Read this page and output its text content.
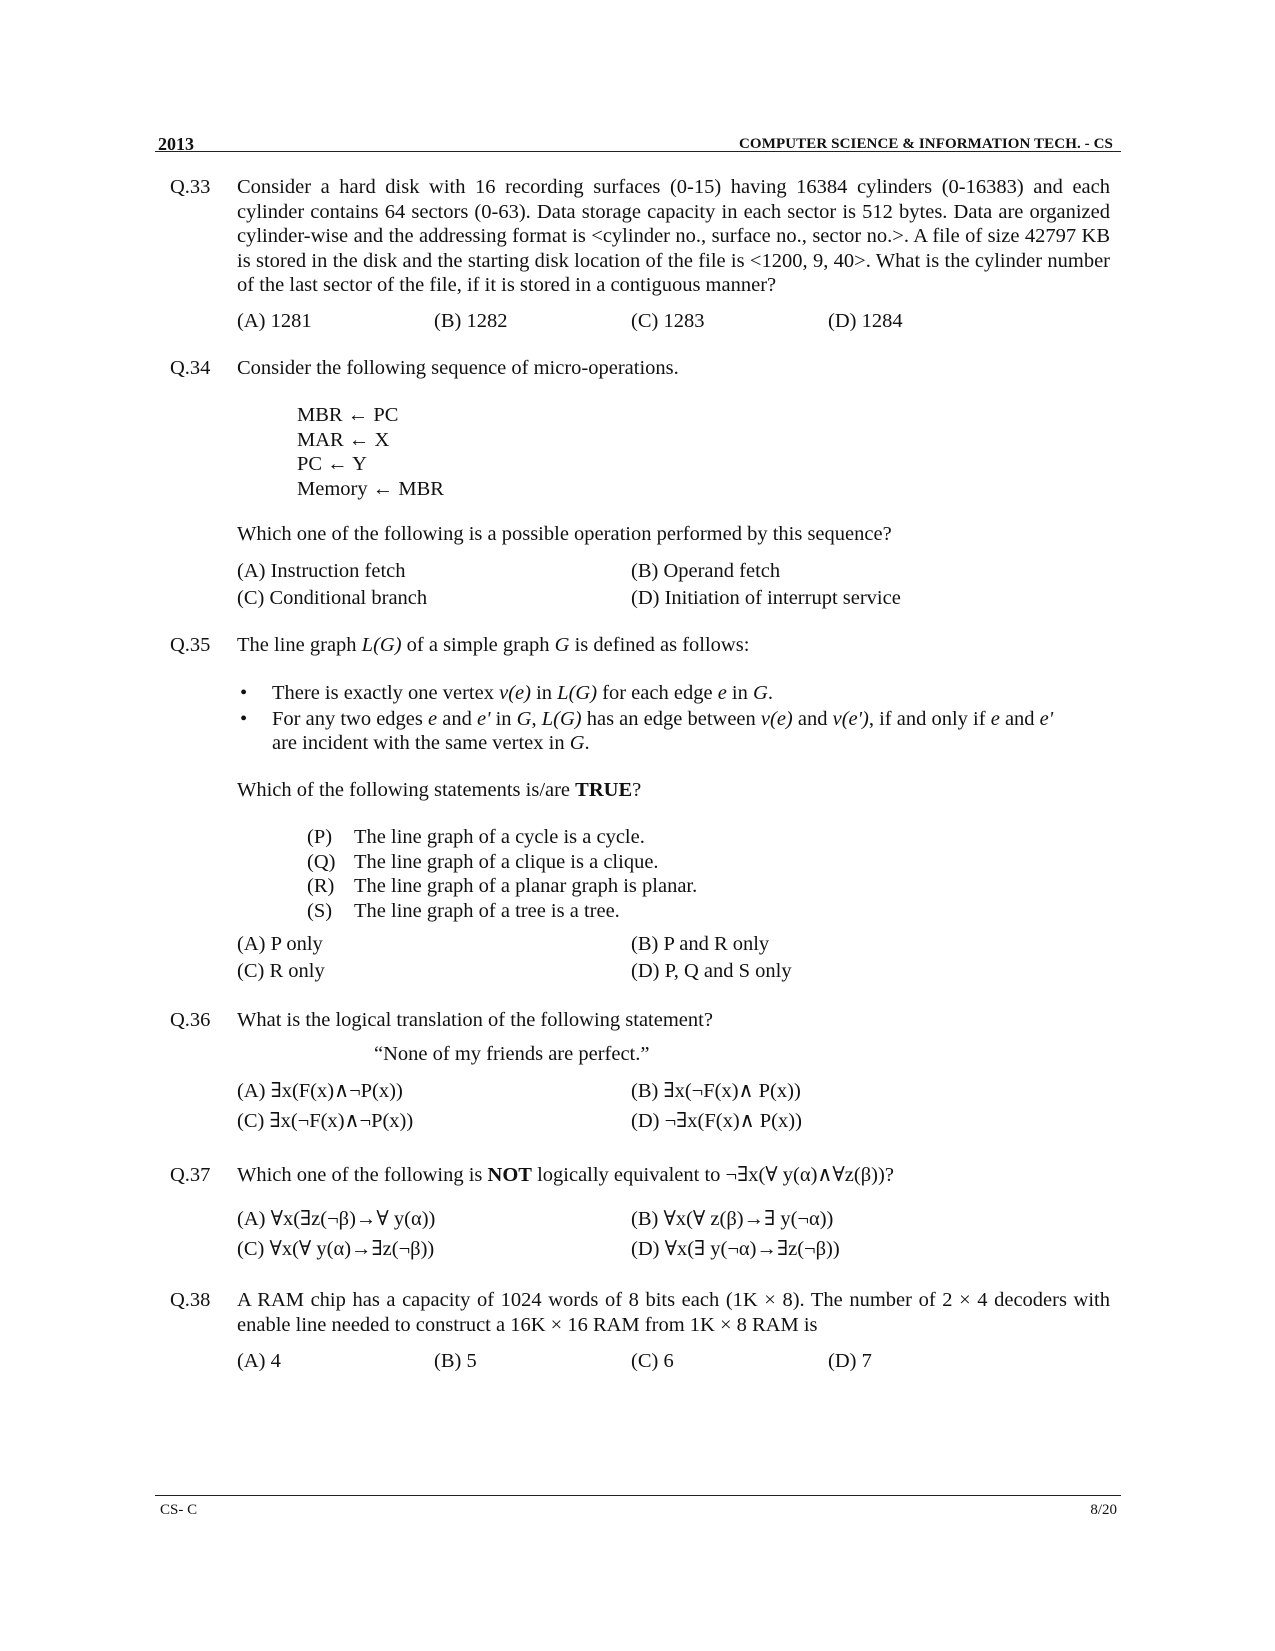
2013	COMPUTER SCIENCE & INFORMATION TECH. - CS
Q.33 Consider a hard disk with 16 recording surfaces (0-15) having 16384 cylinders (0-16383) and each cylinder contains 64 sectors (0-63). Data storage capacity in each sector is 512 bytes. Data are organized cylinder-wise and the addressing format is <cylinder no., surface no., sector no.>. A file of size 42797 KB is stored in the disk and the starting disk location of the file is <1200, 9, 40>. What is the cylinder number of the last sector of the file, if it is stored in a contiguous manner?
(A) 1281	(B) 1282	(C) 1283	(D) 1284
Q.34 Consider the following sequence of micro-operations.
MBR ← PC
MAR ← X
PC ← Y
Memory ← MBR
Which one of the following is a possible operation performed by this sequence?
(A) Instruction fetch	(B) Operand fetch
(C) Conditional branch	(D) Initiation of interrupt service
Q.35 The line graph L(G) of a simple graph G is defined as follows:
• There is exactly one vertex v(e) in L(G) for each edge e in G.
• For any two edges e and e' in G, L(G) has an edge between v(e) and v(e'), if and only if e and e'
are incident with the same vertex in G.
Which of the following statements is/are TRUE?
(P) The line graph of a cycle is a cycle.
(Q) The line graph of a clique is a clique.
(R) The line graph of a planar graph is planar.
(S) The line graph of a tree is a tree.
(A) P only	(B) P and R only
(C) R only	(D) P, Q and S only
Q.36 What is the logical translation of the following statement?
“None of my friends are perfect.”
(A) ∃x(F(x)∧¬P(x))	(B) ∃x(¬F(x)∧ P(x))
(C) ∃x(¬F(x)∧¬P(x))	(D) ¬∃x(F(x)∧ P(x))
Q.37 Which one of the following is NOT logically equivalent to ¬∃x(∀ y(α)∧∀z(β))?
(A) ∀x(∃z(¬β)→∀ y(α))	(B) ∀x(∀ z(β)→∃ y(¬α))
(C) ∀x(∀ y(α)→∃z(¬β))	(D) ∀x(∃ y(¬α)→∃z(¬β))
Q.38 A RAM chip has a capacity of 1024 words of 8 bits each (1K × 8). The number of 2 × 4 decoders with enable line needed to construct a 16K × 16 RAM from 1K × 8 RAM is
(A) 4	(B) 5	(C) 6	(D) 7
CS- C	8/20
